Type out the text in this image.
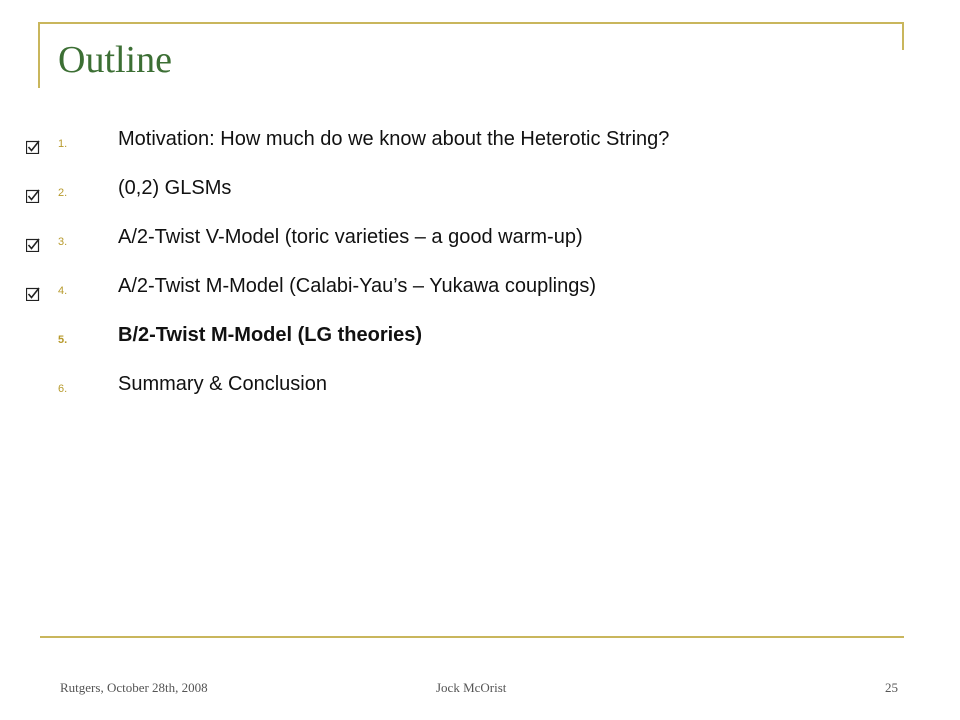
Outline
1.	Motivation: How much do we know about the Heterotic String?
2.	(0,2) GLSMs
3.	A/2-Twist V-Model (toric varieties – a good warm-up)
4.	A/2-Twist M-Model (Calabi-Yau’s – Yukawa couplings)
5.	B/2-Twist M-Model (LG theories)
6.	Summary & Conclusion
Rutgers, October 28th, 2008	Jock McOrist	25
